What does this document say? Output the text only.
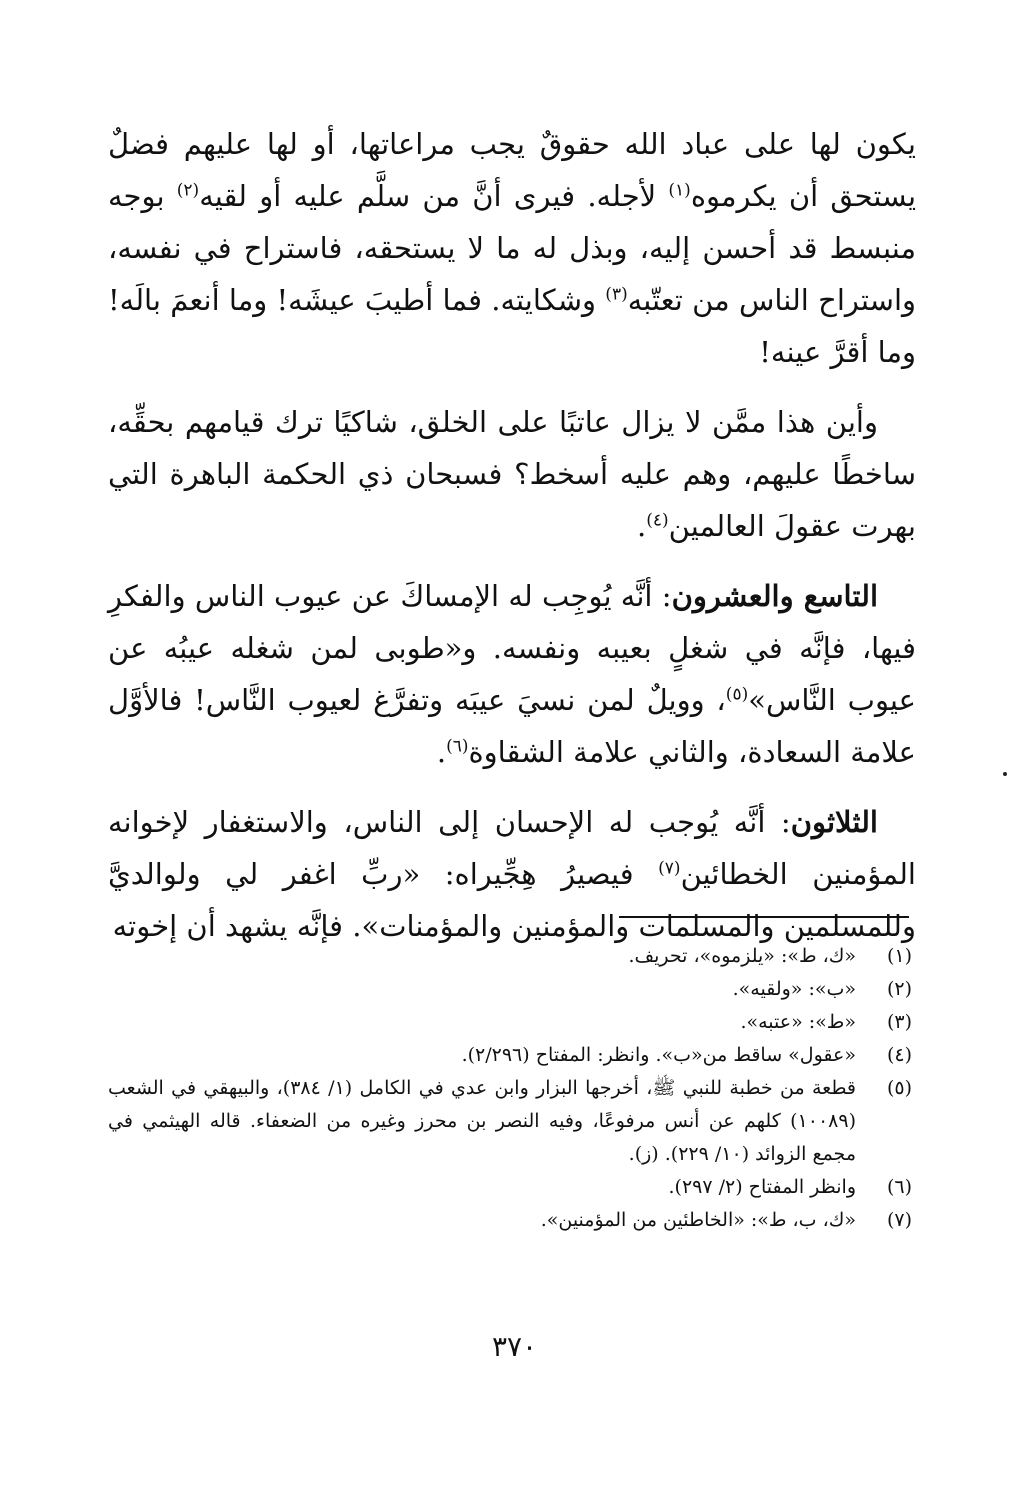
يكون لها على عباد الله حقوقٌ يجب مراعاتها، أو لها عليهم فضلٌ يستحق أن يكرموه$^{(١)}$ لأجله. فيرى أنَّ من سلَّم عليه أو لقيه$^{(٢)}$ بوجه منبسط قد أحسن إليه، وبذل له ما لا يستحقه، فاستراح في نفسه، واستراح الناس من تعتّبه$^{(٣)}$ وشكايته. فما أطيبَ عيشَه! وما أنعمَ بالَه! وما أقرَّ عينه!

وأين هذا ممَّن لا يزال عاتبًا على الخلق، شاكيًا ترك قيامهم بحقِّه، ساخطًا عليهم، وهم عليه أسخط؟ فسبحان ذي الحكمة الباهرة التي بهرت عقولَ العالمين$^{(٤)}$.

التاسع والعشرون: أنَّه يُوجِب له الإمساكَ عن عيوب الناس والفكرِ فيها، فإنَّه في شغلٍ بعيبه ونفسه. و«طوبى لمن شغله عيبُه عن عيوب النَّاس»$^{(٥)}$، وويلٌ لمن نسيَ عيبَه وتفرَّغ لعيوب النَّاس! فالأوَّل علامة السعادة، والثاني علامة الشقاوة$^{(٦)}$.

الثلاثون: أنَّه يُوجب له الإحسان إلى الناس، والاستغفار لإخوانه المؤمنين الخطائين$^{(٧)}$ فيصيرُ هِجِّيراه: «ربِّ اغفر لي ولوالديَّ وللمسلمين والمسلمات والمؤمنين والمؤمنات». فإنَّه يشهد أن إخوته

(١)
«ك، ط»: «يلزموه»، تحريف.
(٢)
«ب»: «ولقيه».
(٣)
«ط»: «عتبه».
(٤)
«عقول» ساقط من«ب». وانظر: المفتاح (٢/٢٩٦).
(٥)
قطعة من خطبة للنبي ﷺ، أخرجها البزار وابن عدي في الكامل (١/ ٣٨٤)، والبيهقي في الشعب (١٠٠٨٩) كلهم عن أنس مرفوعًا، وفيه النصر بن محرز وغيره من الضعفاء. قاله الهيثمي في مجمع الزوائد (١٠/ ٢٢٩). (ز).
(٦)
وانظر المفتاح (٢/ ٢٩٧).
(٧)
«ك، ب، ط»: «الخاطئين من المؤمنين».
٣٧٠
